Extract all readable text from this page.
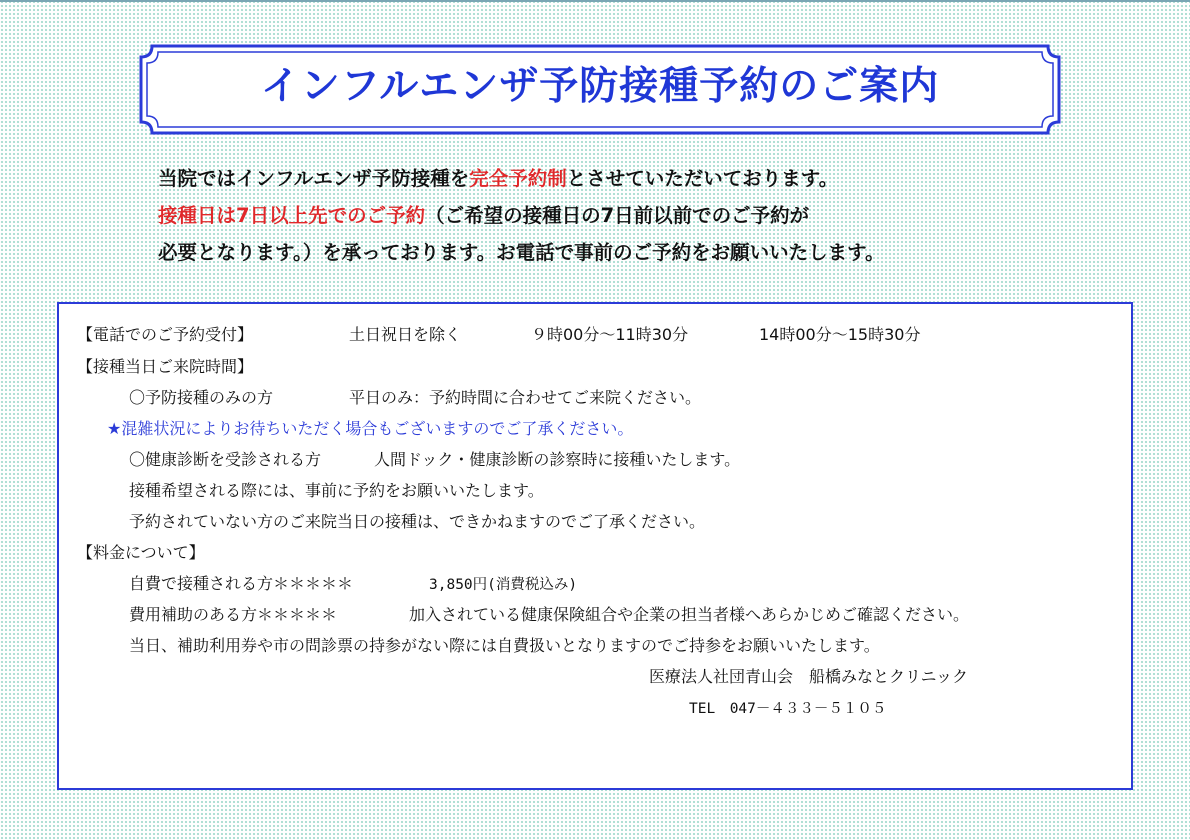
インフルエンザ予防接種予約のご案内
当院ではインフルエンザ予防接種を完全予約制とさせていただいております。
接種日は7日以上先でのご予約（ご希望の接種日の7日前以前でのご予約が
必要となります。）を承っております。お電話で事前のご予約をお願いいたします。
【電話でのご予約受付】	土日祝日を除く	９時00分～11時30分	14時00分～15時30分
【接種当日ご来院時間】
〇予防接種のみの方	平日のみ：予約時間に合わせてご来院ください。
★混雑状況によりお待ちいただく場合もございますのでご了承ください。
〇健康診断を受診される方	人間ドック・健康診断の診察時に接種いたします。
接種希望される際には、事前に予約をお願いいたします。
予約されていない方のご来院当日の接種は、できかねますのでご了承ください。
【料金について】
自費で接種される方＊＊＊＊＊	3,850円(消費税込み)
費用補助のある方＊＊＊＊＊	加入されている健康保険組合や企業の担当者様へあらかじめご確認ください。
当日、補助利用券や市の問診票の持参がない際には自費扱いとなりますのでご持参をお願いいたします。
医療法人社団青山会　船橋みなとクリニック
TEL　047－４３３－５１０５
